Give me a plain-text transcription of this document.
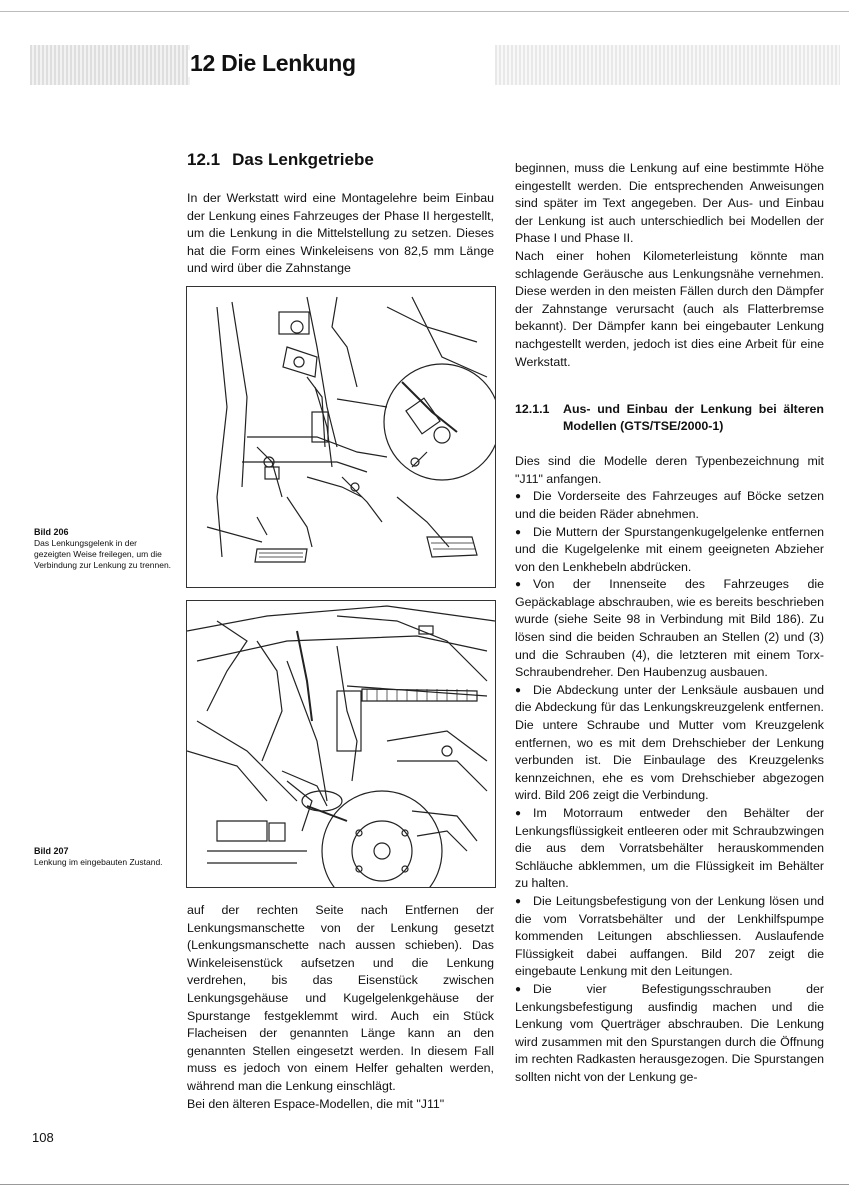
12 Die Lenkung
12.1 Das Lenkgetriebe

In der Werkstatt wird eine Montagelehre beim Einbau der Lenkung eines Fahrzeuges der Phase II hergestellt, um die Lenkung in die Mittelstellung zu setzen. Dieses hat die Form eines Winkeleisens von 82,5 mm Länge und wird über die Zahnstange

Bild 206
Das Lenkungsgelenk in der gezeigten Weise freilegen, um die Verbindung zur Lenkung zu trennen.
Bild 207
Lenkung im eingebauten Zustand.

auf der rechten Seite nach Entfernen der Lenkungsmanschette von der Lenkung gesetzt (Lenkungsmanschette nach aussen schieben). Das Winkeleisenstück aufsetzen und die Lenkung verdrehen, bis das Eisenstück zwischen Lenkungsgehäuse und Kugelgelenkgehäuse der Spurstange festgeklemmt wird. Auch ein Stück Flacheisen der genannten Länge kann an den genannten Stellen eingesetzt werden. In diesem Fall muss es jedoch von einem Helfer gehalten werden, während man die Lenkung einschlägt.

Bei den älteren Espace-Modellen, die mit "J11"

beginnen, muss die Lenkung auf eine bestimmte Höhe eingestellt werden. Die entsprechenden Anweisungen sind später im Text angegeben. Der Aus- und Einbau der Lenkung ist auch unterschiedlich bei Modellen der Phase I und Phase II.

Nach einer hohen Kilometerleistung könnte man schlagende Geräusche aus Lenkungsnähe vernehmen. Diese werden in den meisten Fällen durch den Dämpfer der Zahnstange verursacht (auch als Flatterbremse bekannt). Der Dämpfer kann bei eingebauter Lenkung nachgestellt werden, jedoch ist dies eine Arbeit für eine Werkstatt.

12.1.1	Aus- und Einbau der Lenkung bei älteren Modellen (GTS/TSE/2000-1)

Dies sind die Modelle deren Typenbezeichnung mit "J11" anfangen.

● Die Vorderseite des Fahrzeuges auf Böcke setzen und die beiden Räder abnehmen.

● Die Muttern der Spurstangenkugelgelenke entfernen und die Kugelgelenke mit einem geeigneten Abzieher von den Lenkhebeln abdrücken.

● Von der Innenseite des Fahrzeuges die Gepäckablage abschrauben, wie es bereits beschrieben wurde (siehe Seite 98 in Verbindung mit Bild 186). Zu lösen sind die beiden Schrauben an Stellen (2) und (3) und die Schrauben (4), die letzteren mit einem Torx-Schraubendreher. Den Haubenzug ausbauen.

● Die Abdeckung unter der Lenksäule ausbauen und die Abdeckung für das Lenkungskreuzgelenk entfernen. Die untere Schraube und Mutter vom Kreuzgelenk entfernen, wo es mit dem Drehschieber der Lenkung verbunden ist. Die Einbaulage des Kreuzgelenks kennzeichnen, ehe es vom Drehschieber abgezogen wird. Bild 206 zeigt die Verbindung.

● Im Motorraum entweder den Behälter der Lenkungsflüssigkeit entleeren oder mit Schraubzwingen die aus dem Vorratsbehälter herauskommenden Schläuche abklemmen, um die Flüssigkeit im Behälter zu halten.

● Die Leitungsbefestigung von der Lenkung lösen und die vom Vorratsbehälter und der Lenkhilfspumpe kommenden Leitungen abschliessen. Auslaufende Flüssigkeit dabei auffangen. Bild 207 zeigt die eingebaute Lenkung mit den Leitungen.

● Die vier Befestigungsschrauben der Lenkungsbefestigung ausfindig machen und die Lenkung vom Querträger abschrauben. Die Lenkung wird zusammen mit den Spurstangen durch die Öffnung im rechten Radkasten herausgezogen. Die Spurstangen sollten nicht von der Lenkung ge-

108
